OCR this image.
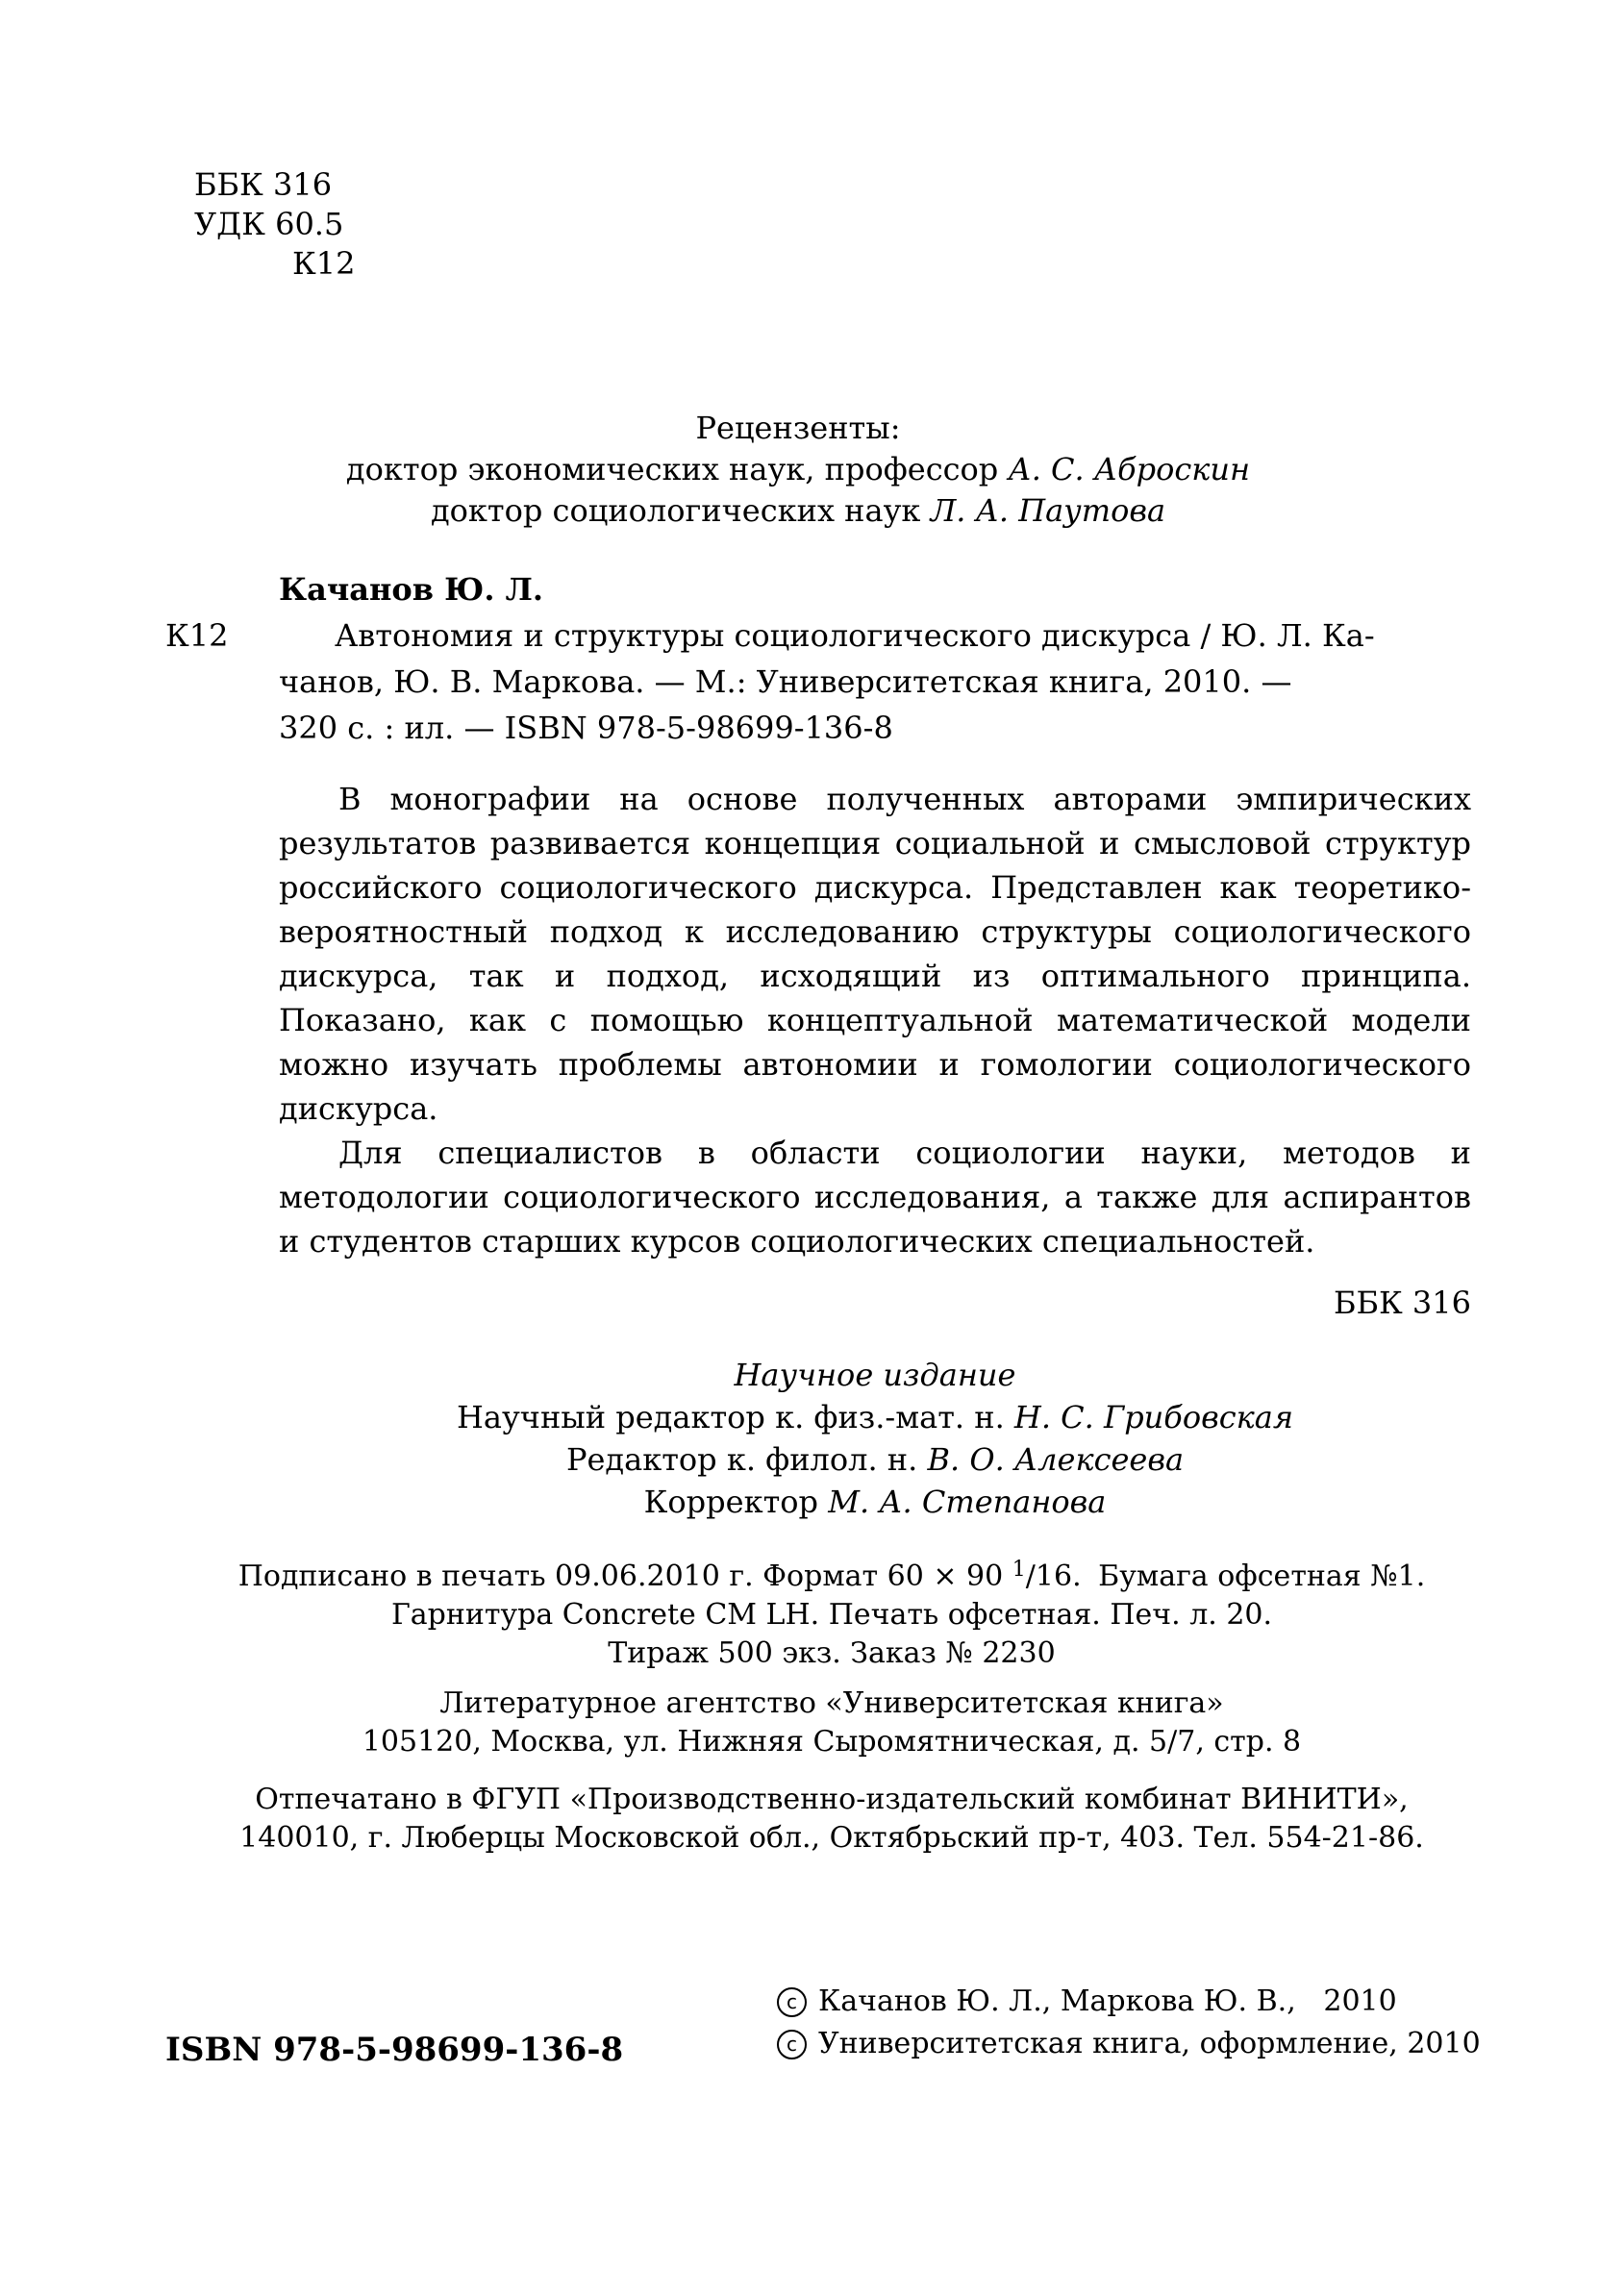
ББК 316
УДК 60.5
К12
Рецензенты:
доктор экономических наук, профессор А. С. Аброскин
доктор социологических наук Л. А. Паутова
Качанов Ю. Л.
К12	Автономия и структуры социологического дискурса / Ю. Л. Ка-
чанов, Ю. В. Маркова. — М.: Университетская книга, 2010. —
320 с. : ил. — ISBN 978-5-98699-136-8

В монографии на основе полученных авторами эмпирических результатов развивается концепция социальной и смысловой структур российского социологического дискурса. Представлен как теоретико-вероятностный подход к исследованию структуры социологического дискурса, так и подход, исходящий из оптимального принципа. Показано, как с помощью концептуальной математической модели можно изучать проблемы автономии и гомологии социологического дискурса.

Для специалистов в области социологии науки, методов и методологии социологического исследования, а также для аспирантов и студентов старших курсов социологических специальностей.

ББК 316
Научное издание
Научный редактор к. физ.-мат. н. Н. С. Грибовская
Редактор к. филол. н. В. О. Алексеева
Корректор М. А. Степанова
Подписано в печать 09.06.2010 г. Формат 60 × 90 $^1$/16. Бумага офсетная №1.
Гарнитура Concrete CM LH. Печать офсетная. Печ. л. 20.
Тираж 500 экз. Заказ № 2230
Литературное агентство «Университетская книга»
105120, Москва, ул. Нижняя Сыромятническая, д. 5/7, стр. 8
Отпечатано в ФГУП «Производственно-издательский комбинат ВИНИТИ»,
140010, г. Люберцы Московской обл., Октябрьский пр-т, 403. Тел. 554-21-86.
ISBN 978-5-98699-136-8
c Качанов Ю. Л., Маркова Ю. В.,   2010
c Университетская книга, оформление, 2010
